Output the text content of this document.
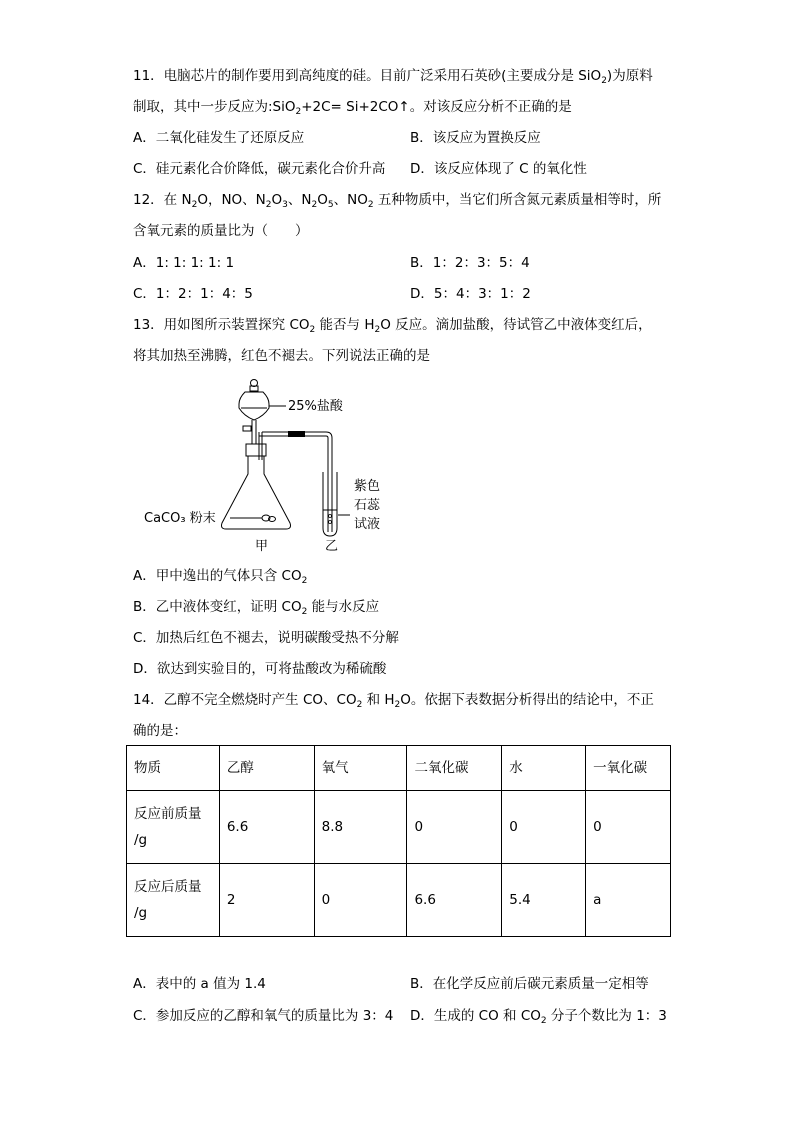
11．电脑芯片的制作要用到高纯度的硅。目前广泛采用石英砂(主要成分是 SiO$_2$)为原料
制取，其中一步反应为:SiO$_2$+2C= Si+2CO↑。对该反应分析不正确的是
A．二氧化硅发生了还原反应	B．该反应为置换反应
C．硅元素化合价降低，碳元素化合价升高 D．该反应体现了 C 的氧化性
12．在 $N_2O$，NO、$N_2O_3$、$N_2O_5$、$NO_2$ 五种物质中，当它们所含氮元素质量相等时，所
含氧元素的质量比为（　　）
A．1: 1: 1: 1: 1	B．1：2：3：5：4
C．1：2：1：4：5	D．5：4：3：1：2
13．用如图所示装置探究 $CO_2$ 能否与 $H_2O$ 反应。滴加盐酸，待试管乙中液体变红后，
将其加热至沸腾，红色不褪去。下列说法正确的是
25%盐酸
CaCO₃ 粉末
甲
紫色
石蕊
试液
乙
A．甲中逸出的气体只含 $CO_2$
B．乙中液体变红，证明 $CO_2$ 能与水反应
C．加热后红色不褪去，说明碳酸受热不分解
D．欲达到实验目的，可将盐酸改为稀硫酸
14．乙醇不完全燃烧时产生 CO、$CO_2$ 和 $H_2O$。依据下表数据分析得出的结论中，不正
确的是：
物质	乙醇	氧气	二氧化碳	水	一氧化碳
反应前质量
/g	6.6	8.8	0	0	0
反应后质量
/g	2	0	6.6	5.4	a
A．表中的 a 值为 1.4	B．在化学反应前后碳元素质量一定相等
C．参加反应的乙醇和氧气的质量比为 3：4 D．生成的 CO 和 $CO_2$ 分子个数比为 1：3
